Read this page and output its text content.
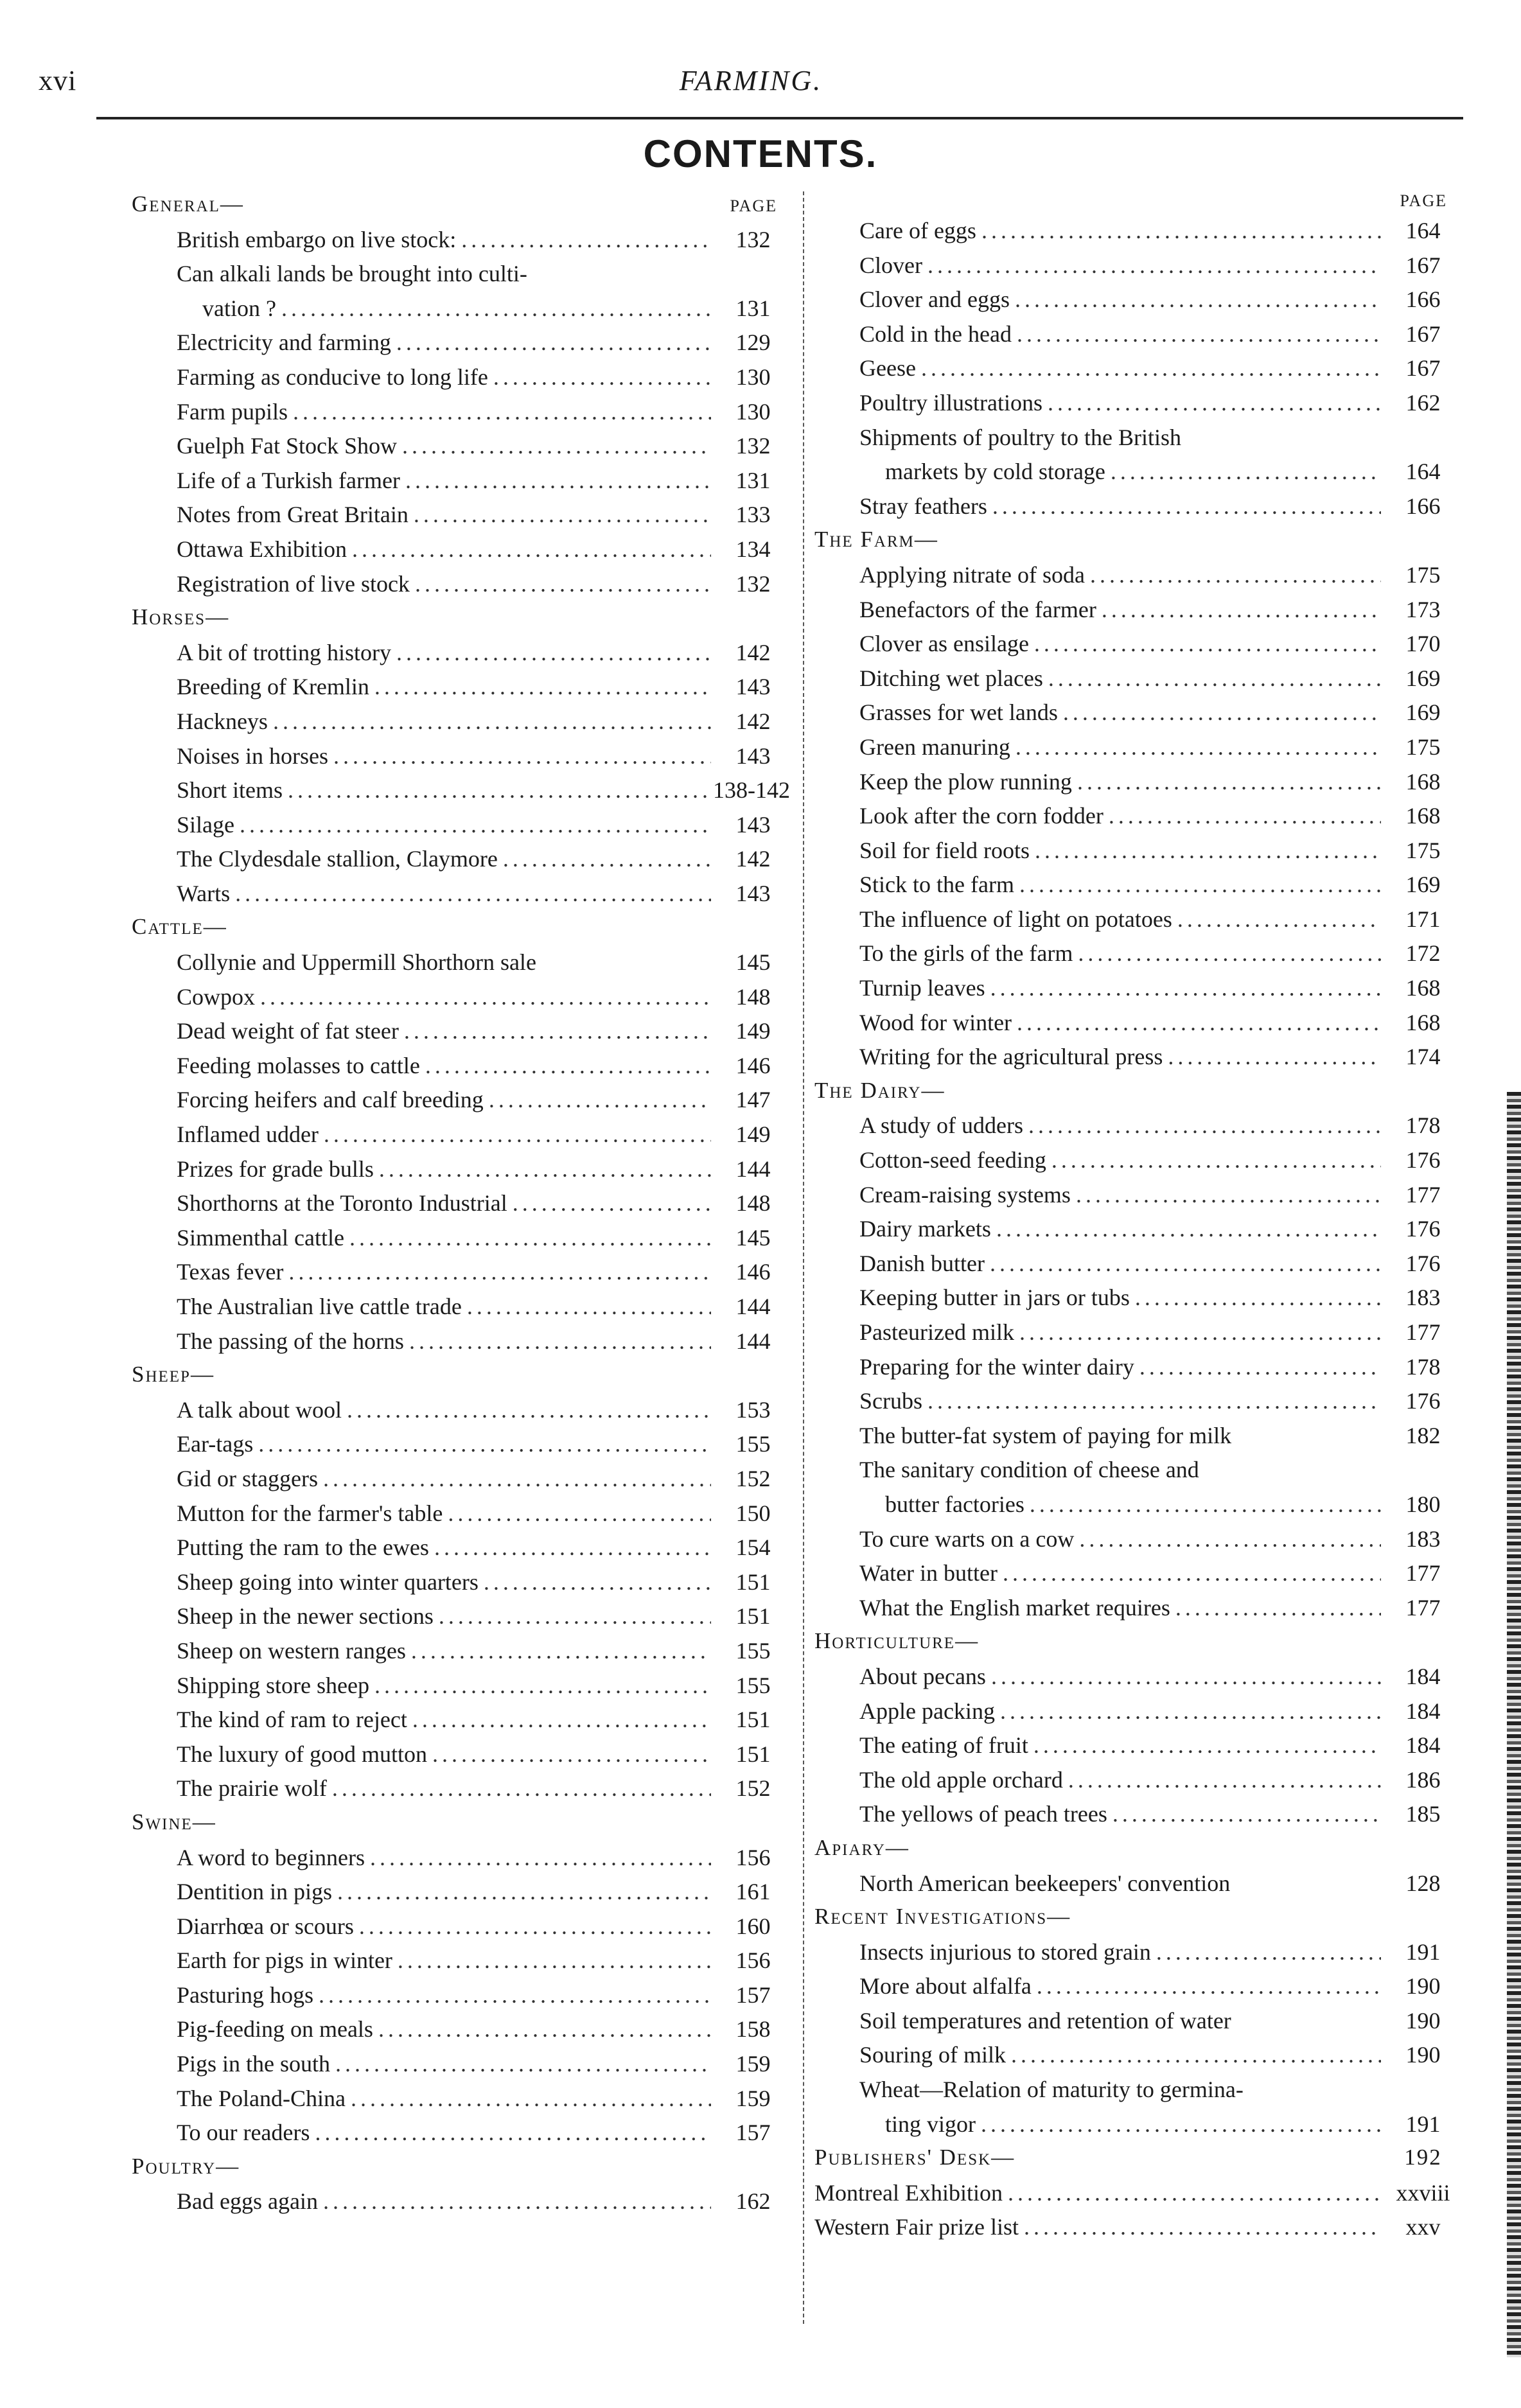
xvi	FARMING.
CONTENTS.
General—	PAGE
British embargo on live stock: .....	132
Can alkali lands be brought into culti-
vation ? .....	131
Electricity and farming .....	129
Farming as conducive to long life .....	130
Farm pupils .....	130
Guelph Fat Stock Show .....	132
Life of a Turkish farmer .....	131
Notes from Great Britain .....	133
Ottawa Exhibition .....	134
Registration of live stock .....	132
Horses—
A bit of trotting history .....	142
Breeding of Kremlin .....	143
Hackneys .....	142
Noises in horses .....	143
Short items .....	138-142
Silage .....	143
The Clydesdale stallion, Claymore .....	142
Warts .....	143
Cattle—
Collynie and Uppermill Shorthorn sale	145
Cowpox .....	148
Dead weight of fat steer .....	149
Feeding molasses to cattle .....	146
Forcing heifers and calf breeding .....	147
Inflamed udder .....	149
Prizes for grade bulls .....	144
Shorthorns at the Toronto Industrial .....	148
Simmenthal cattle .....	145
Texas fever .....	146
The Australian live cattle trade .....	144
The passing of the horns .....	144
Sheep—
A talk about wool .....	153
Ear-tags .....	155
Gid or staggers .....	152
Mutton for the farmer's table .....	150
Putting the ram to the ewes .....	154
Sheep going into winter quarters .....	151
Sheep in the newer sections .....	151
Sheep on western ranges .....	155
Shipping store sheep .....	155
The kind of ram to reject .....	151
The luxury of good mutton .....	151
The prairie wolf .....	152
Swine—
A word to beginners .....	156
Dentition in pigs .....	161
Diarrhœa or scours .....	160
Earth for pigs in winter .....	156
Pasturing hogs .....	157
Pig-feeding on meals .....	158
Pigs in the south .....	159
The Poland-China .....	159
To our readers .....	157
Poultry—
Bad eggs again .....	162
PAGE
Care of eggs .....	164
Clover .....	167
Clover and eggs .....	166
Cold in the head .....	167
Geese .....	167
Poultry illustrations .....	162
Shipments of poultry to the British
markets by cold storage .....	164
Stray feathers .....	166
The Farm—
Applying nitrate of soda .....	175
Benefactors of the farmer .....	173
Clover as ensilage .....	170
Ditching wet places .....	169
Grasses for wet lands .....	169
Green manuring .....	175
Keep the plow running .....	168
Look after the corn fodder .....	168
Soil for field roots .....	175
Stick to the farm .....	169
The influence of light on potatoes .....	171
To the girls of the farm .....	172
Turnip leaves .....	168
Wood for winter .....	168
Writing for the agricultural press .....	174
The Dairy—
A study of udders .....	178
Cotton-seed feeding .....	176
Cream-raising systems .....	177
Dairy markets .....	176
Danish butter .....	176
Keeping butter in jars or tubs .....	183
Pasteurized milk .....	177
Preparing for the winter dairy .....	178
Scrubs .....	176
The butter-fat system of paying for milk	182
The sanitary condition of cheese and
butter factories .....	180
To cure warts on a cow .....	183
Water in butter .....	177
What the English market requires .....	177
Horticulture—
About pecans .....	184
Apple packing .....	184
The eating of fruit .....	184
The old apple orchard .....	186
The yellows of peach trees .....	185
Apiary—
North American beekeepers' convention	128
Recent Investigations—
Insects injurious to stored grain .....	191
More about alfalfa .....	190
Soil temperatures and retention of water	190
Souring of milk .....	190
Wheat—Relation of maturity to germina-
ting vigor .....	191
Publishers' Desk—	192
Montreal Exhibition .....	xxviii
Western Fair prize list .....	xxv
